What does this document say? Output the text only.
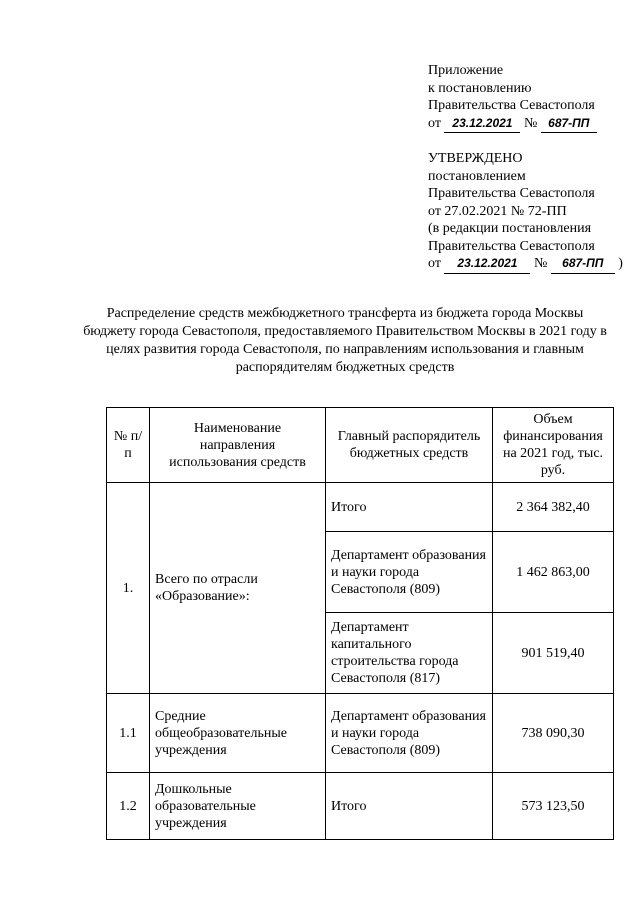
Приложение
к постановлению
Правительства Севастополя
от 23.12.2021 № 687-ПП
УТВЕРЖДЕНО
постановлением
Правительства Севастополя
от 27.02.2021 № 72-ПП
(в редакции постановления
Правительства Севастополя
от 23.12.2021 № 687-ПП )
Распределение средств межбюджетного трансферта из бюджета города Москвы бюджету города Севастополя, предоставляемого Правительством Москвы в 2021 году в целях развития города Севастополя, по направлениям использования и главным распорядителям бюджетных средств
№ п/п	Наименование направления использования средств	Главный распорядитель бюджетных средств	Объем финансирования на 2021 год, тыс. руб.
1.	Всего по отрасли «Образование»:	Итого	2 364 382,40
		Департамент образования и науки города Севастополя (809)	1 462 863,00
		Департамент капитального строительства города Севастополя (817)	901 519,40
1.1	Средние общеобразовательные учреждения	Департамент образования и науки города Севастополя (809)	738 090,30
1.2	Дошкольные образовательные учреждения	Итого	573 123,50
